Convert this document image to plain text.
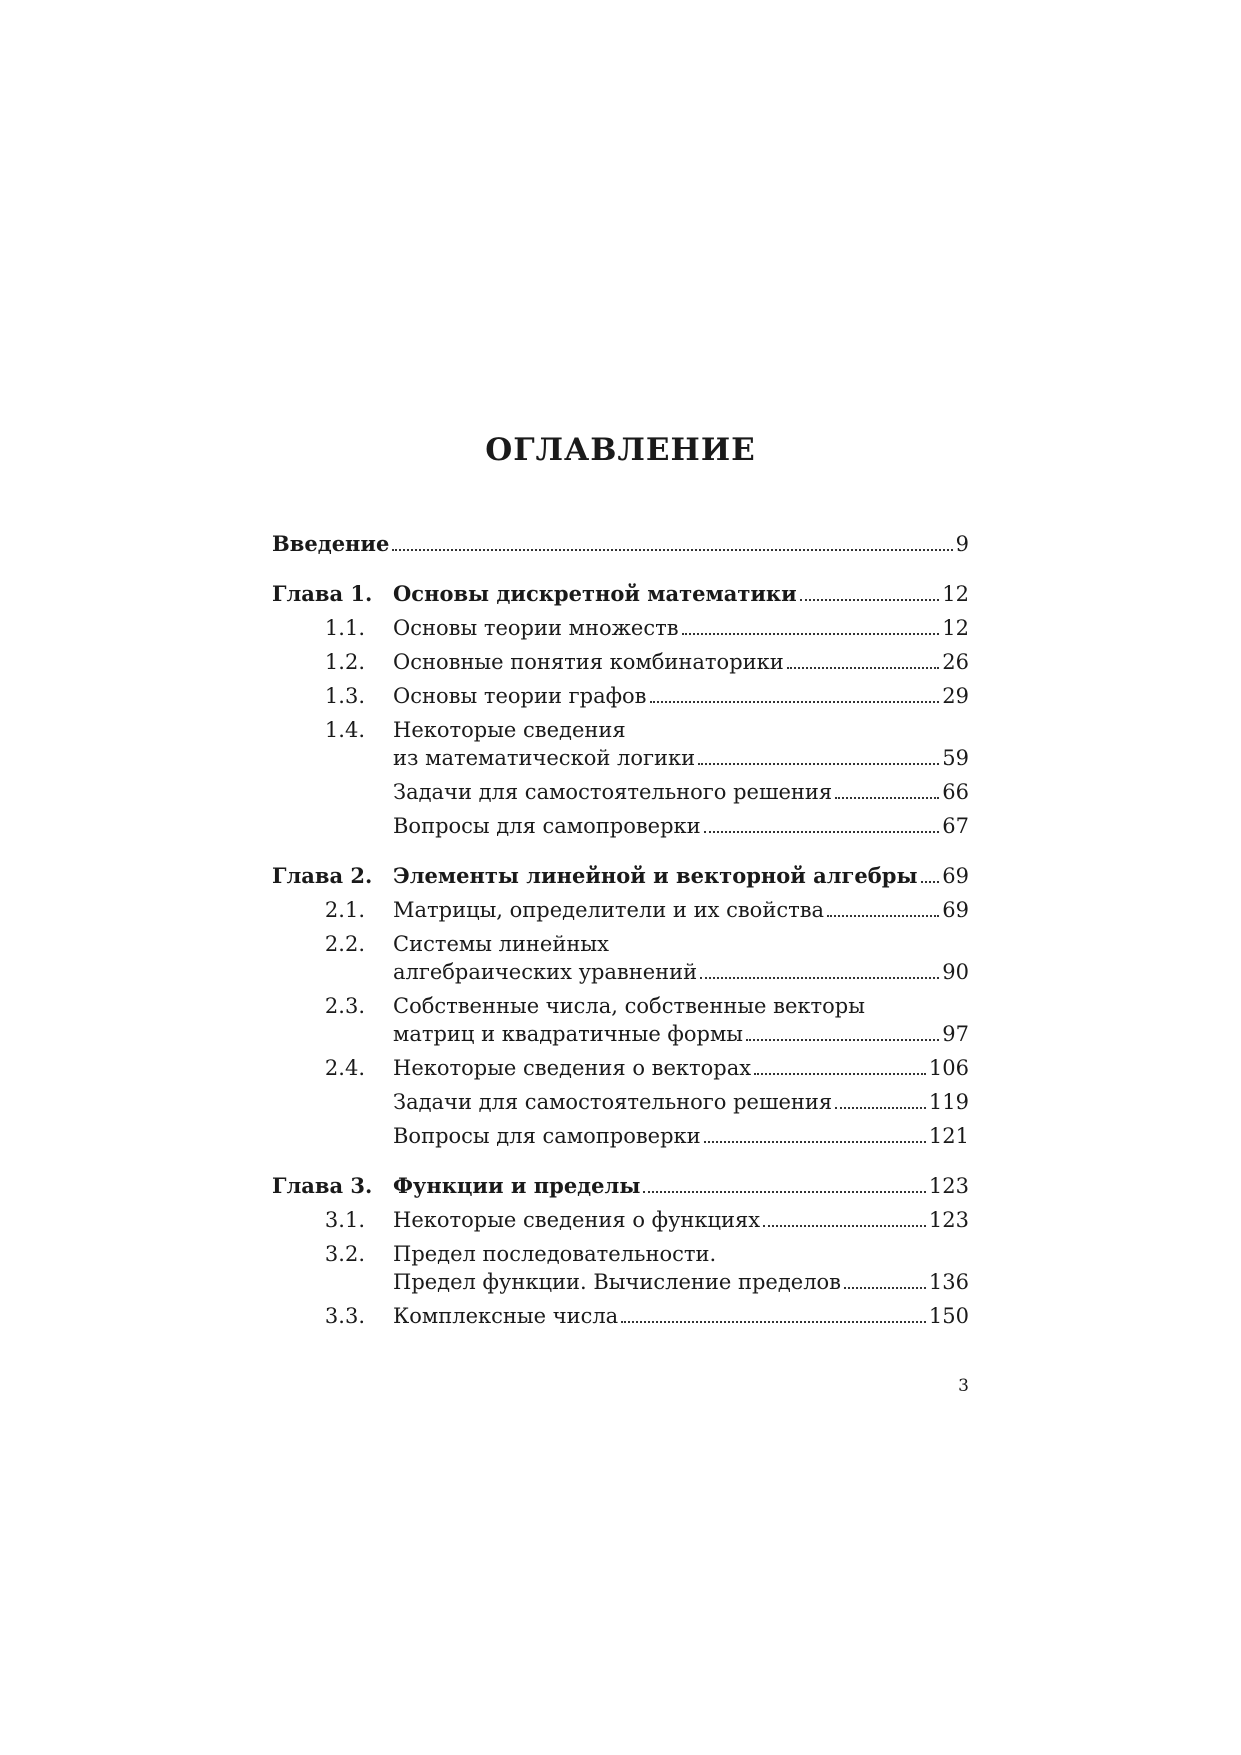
ОГЛАВЛЕНИЕ
Введение	9
Глава 1. Основы дискретной математики	12
1.1.	Основы теории множеств	12
1.2.	Основные понятия комбинаторики	26
1.3.	Основы теории графов	29
1.4.	Некоторые сведения
из математической логики	59
Задачи для самостоятельного решения	66
Вопросы для самопроверки	67
Глава 2. Элементы линейной и векторной алгебры 69
2.1.	Матрицы, определители и их свойства	69
2.2.	Системы линейных
алгебраических уравнений	90
2.3.	Собственные числа, собственные векторы
матриц и квадратичные формы	97
2.4.	Некоторые сведения о векторах	106
Задачи для самостоятельного решения	119
Вопросы для самопроверки	121
Глава 3. Функции и пределы	123
3.1.	Некоторые сведения о функциях	123
3.2.	Предел последовательности.
Предел функции. Вычисление пределов	136
3.3.	Комплексные числа	150
3
